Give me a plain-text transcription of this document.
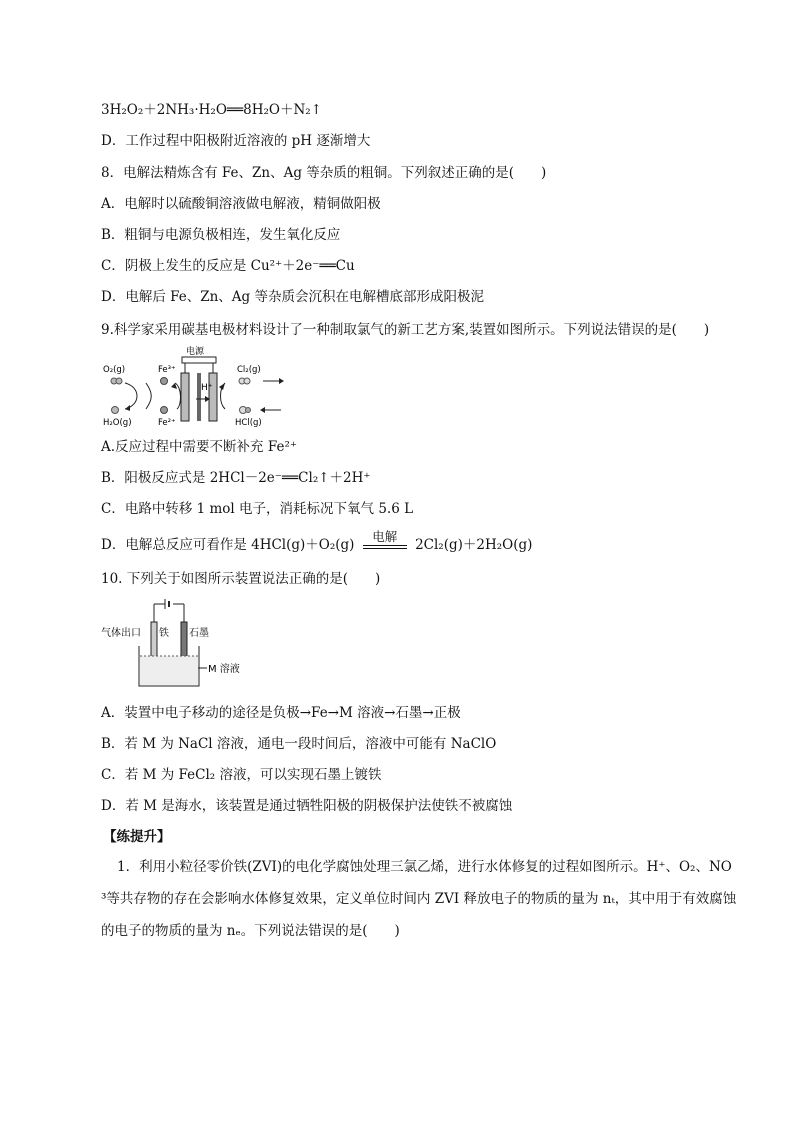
3H₂O₂＋2NH₃·H₂O══8H₂O＋N₂↑
D．工作过程中阳极附近溶液的 pH 逐渐增大
8．电解法精炼含有 Fe、Zn、Ag 等杂质的粗铜。下列叙述正确的是(　　)
A．电解时以硫酸铜溶液做电解液，精铜做阳极
B．粗铜与电源负极相连，发生氧化反应
C．阴极上发生的反应是 Cu²⁺＋2e⁻══Cu
D．电解后 Fe、Zn、Ag 等杂质会沉积在电解槽底部形成阳极泥
9.科学家采用碳基电极材料设计了一种制取氯气的新工艺方案,装置如图所示。下列说法错误的是(　　)
电源
H⁺
O₂(g)
H₂O(g)
Fe³⁺
Fe²⁺
Cl₂(g)
HCl(g)
A.反应过程中需要不断补充 Fe²⁺
B．阳极反应式是 2HCl－2e⁻══Cl₂↑＋2H⁺
C．电路中转移 1 mol 电子，消耗标况下氧气 5.6 L
D．电解总反应可看作是 4HCl(g)＋O₂(g)
电解
2Cl₂(g)＋2H₂O(g)
10. 下列关于如图所示装置说法正确的是(　　)
气体出口 铁 石墨
M 溶液
A．装置中电子移动的途径是负极→Fe→M 溶液→石墨→正极
B．若 M 为 NaCl 溶液，通电一段时间后，溶液中可能有 NaClO
C．若 M 为 FeCl₂ 溶液，可以实现石墨上镀铁
D．若 M 是海水，该装置是通过牺牲阳极的阴极保护法使铁不被腐蚀
【练提升】
1．利用小粒径零价铁(ZVI)的电化学腐蚀处理三氯乙烯，进行水体修复的过程如图所示。H⁺、O₂、NO
³等共存物的存在会影响水体修复效果，定义单位时间内 ZVI 释放电子的物质的量为 nₜ，其中用于有效腐蚀
的电子的物质的量为 nₑ。下列说法错误的是(　　)
